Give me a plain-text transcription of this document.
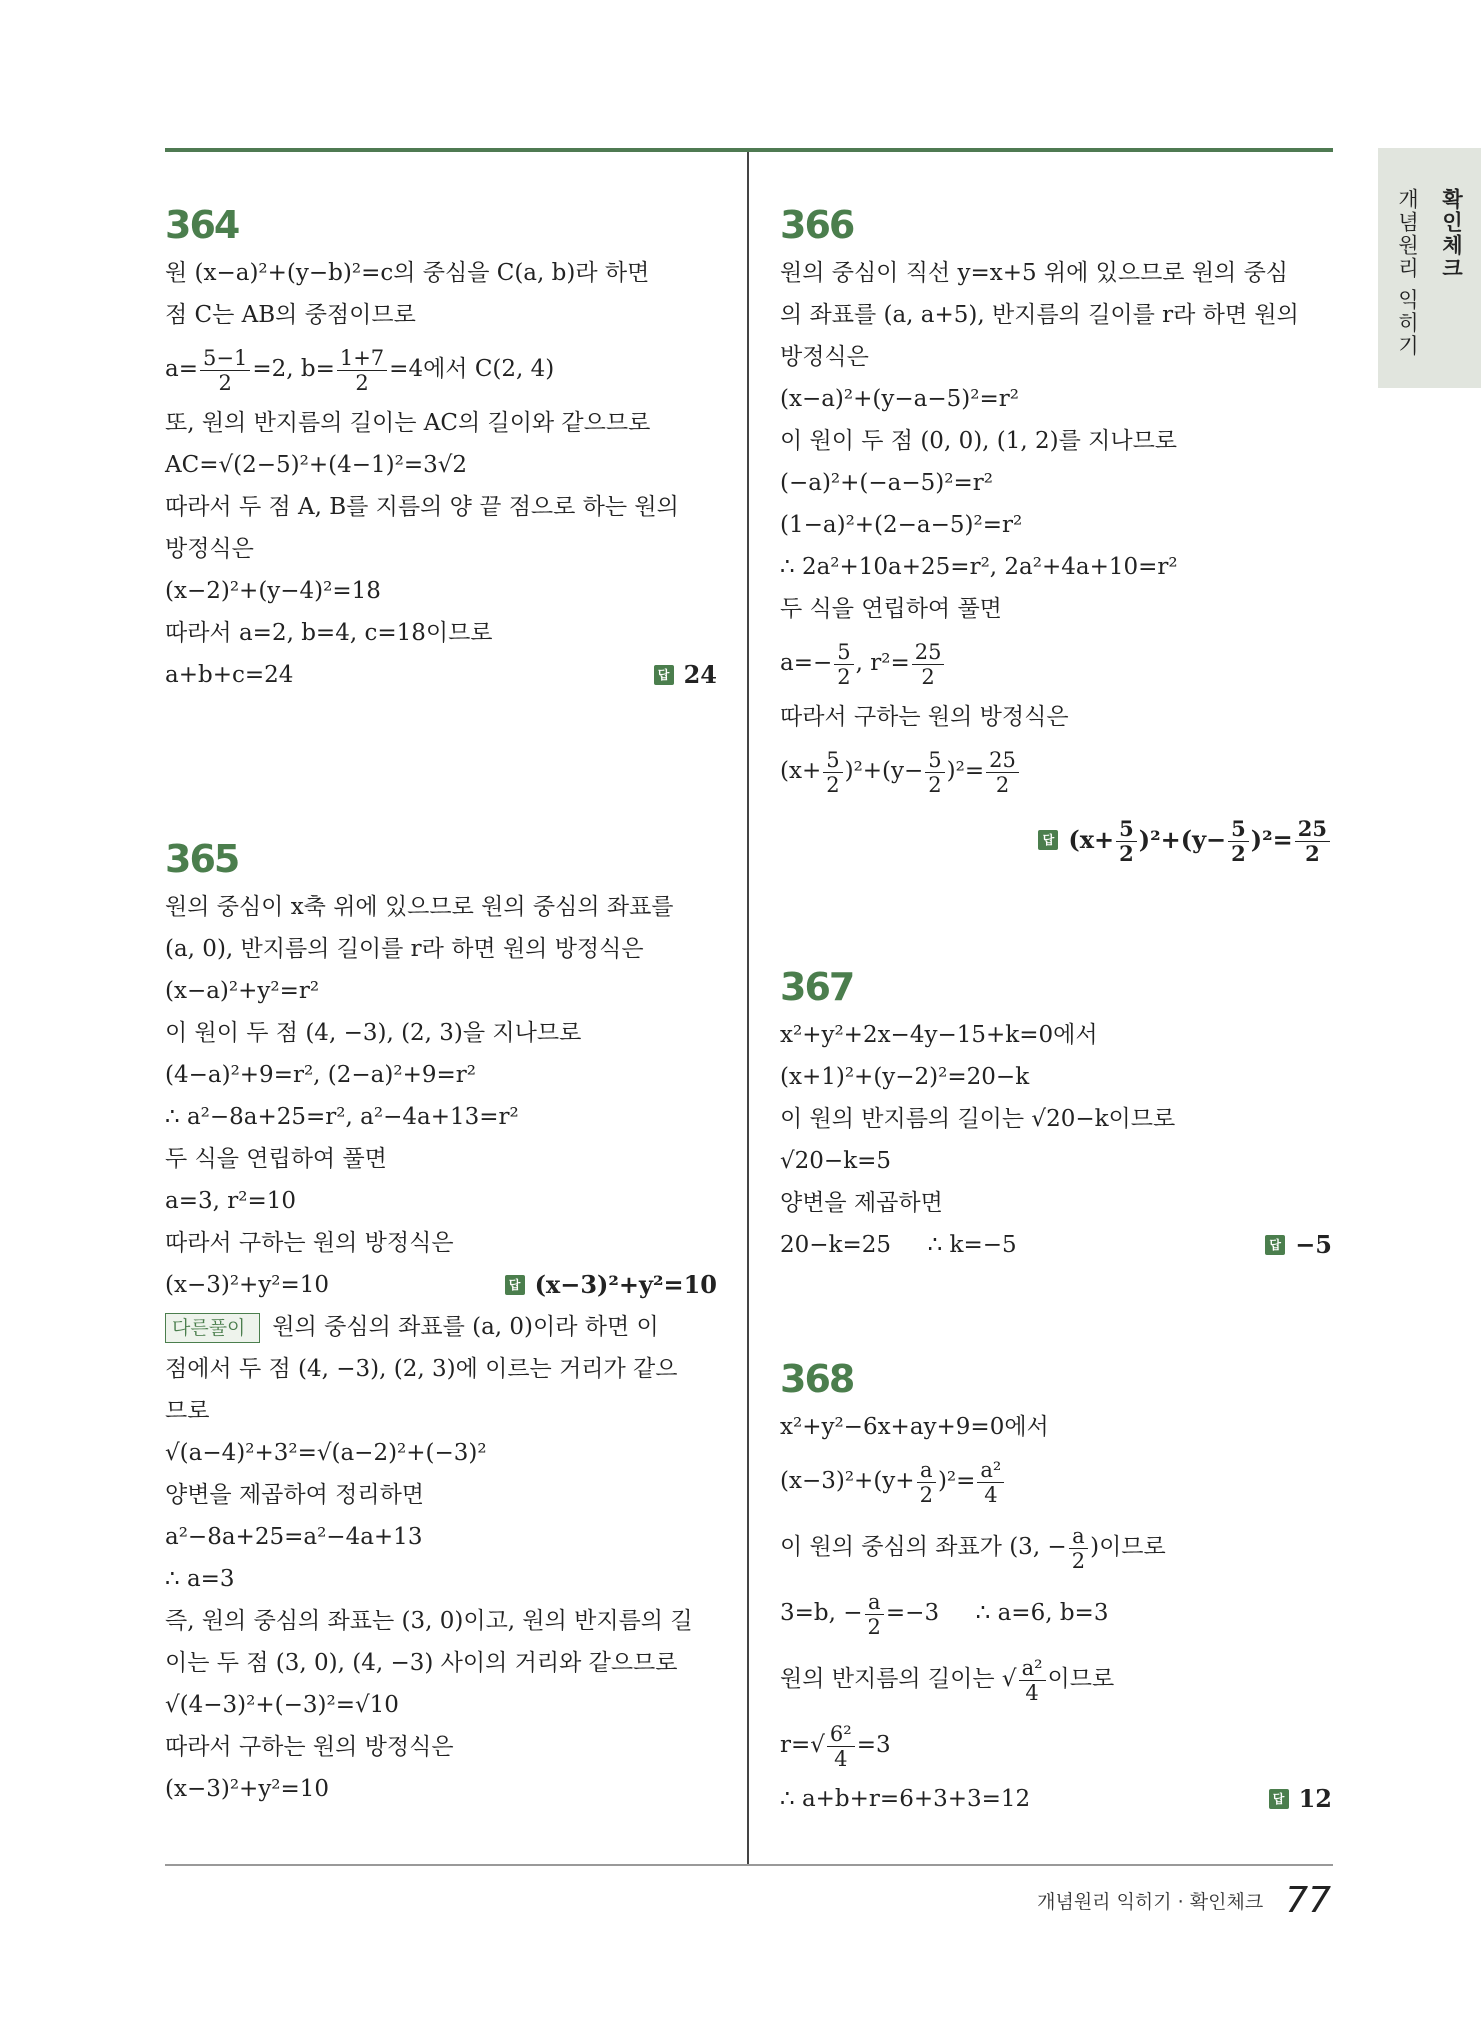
확인체크
개념원리 익히기
364
원 (x−a)²+(y−b)²=c의 중심을 C(a, b)라 하면
점 C는 AB의 중점이므로
$a= \frac{5-1}{2} =2$, $b= \frac{1+7}{2} =4$에서 C(2, 4)
또, 원의 반지름의 길이는 AC의 길이와 같으므로
AC=√(2−5)²+(4−1)²=3√2
따라서 두 점 A, B를 지름의 양 끝 점으로 하는 원의
방정식은
(x−2)²+(y−4)²=18
따라서 a=2, b=4, c=18이므로
a+b+c=24	답 24
365
원의 중심이 x축 위에 있으므로 원의 중심의 좌표를
(a, 0), 반지름의 길이를 r라 하면 원의 방정식은
(x−a)²+y²=r²
이 원이 두 점 (4, −3), (2, 3)을 지나므로
(4−a)²+9=r², (2−a)²+9=r²
∴ a²−8a+25=r², a²−4a+13=r²
두 식을 연립하여 풀면
a=3, r²=10
따라서 구하는 원의 방정식은
(x−3)²+y²=10	답 (x−3)²+y²=10
다른풀이 원의 중심의 좌표를 (a, 0)이라 하면 이
점에서 두 점 (4, −3), (2, 3)에 이르는 거리가 같으
므로
√(a−4)²+3²=√(a−2)²+(−3)²
양변을 제곱하여 정리하면
a²−8a+25=a²−4a+13
∴ a=3
즉, 원의 중심의 좌표는 (3, 0)이고, 원의 반지름의 길
이는 두 점 (3, 0), (4, −3) 사이의 거리와 같으므로
√(4−3)²+(−3)²=√10
따라서 구하는 원의 방정식은
(x−3)²+y²=10
366
원의 중심이 직선 y=x+5 위에 있으므로 원의 중심
의 좌표를 (a, a+5), 반지름의 길이를 r라 하면 원의
방정식은
(x−a)²+(y−a−5)²=r²
이 원이 두 점 (0, 0), (1, 2)를 지나므로
(−a)²+(−a−5)²=r²
(1−a)²+(2−a−5)²=r²
∴ 2a²+10a+25=r², 2a²+4a+10=r²
두 식을 연립하여 풀면
$a=- \frac{5}{2}$ , $r^2= \frac{25}{2}$
따라서 구하는 원의 방정식은
$(x+ \frac{5}{2} )^2+(y- \frac{5}{2} )^2= \frac{25}{2}$
답 $(x+ \frac{5}{2} )^2+(y- \frac{5}{2} )^2= \frac{25}{2}$
367
x²+y²+2x−4y−15+k=0에서
(x+1)²+(y−2)²=20−k
이 원의 반지름의 길이는 √20−k이므로
√20−k=5
양변을 제곱하면
20−k=25     ∴ k=−5	답 −5
368
x²+y²−6x+ay+9=0에서
$(x-3)^2+(y+ \frac{a}{2} )^2= \frac{\text{a²}}{4}$
이 원의 중심의 좌표가 (3, − $\frac{a}{2}$ )이므로
3=b, − $\frac{a}{2} =-3$     ∴ a=6, b=3
원의 반지름의 길이는 √ $\frac{\text{a²}}{4}$ 이므로
$r=√ \frac{\text{6²}}{4} =3$
∴ a+b+r=6+3+3=12	답 12
개념원리 익히기 · 확인체크 77
